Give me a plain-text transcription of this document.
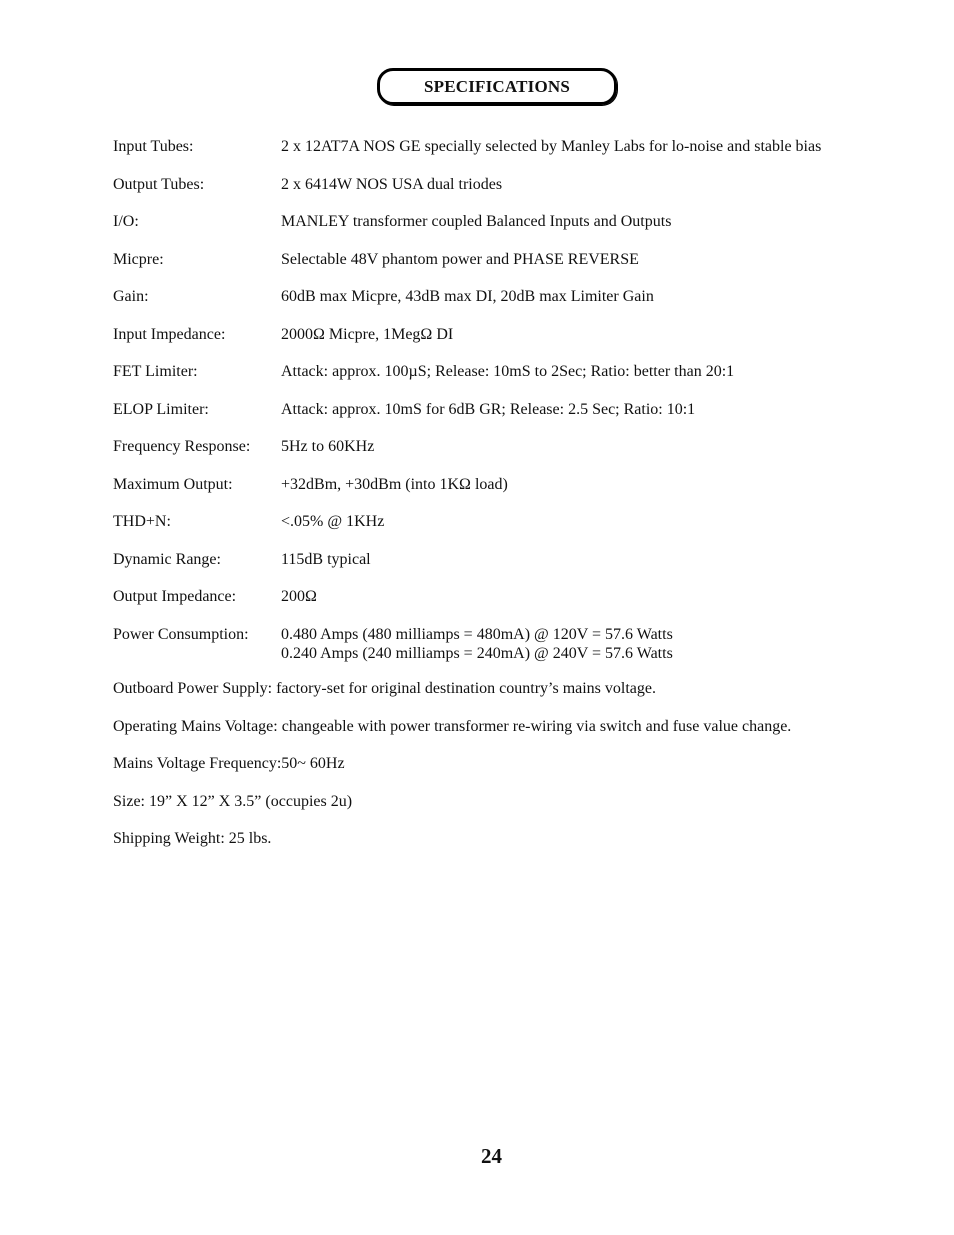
SPECIFICATIONS
Input Tubes:	2 x 12AT7A NOS GE specially selected by Manley Labs for lo-noise and stable bias
Output Tubes:	2 x 6414W NOS USA dual triodes
I/O:	MANLEY transformer coupled Balanced Inputs and Outputs
Micpre:	Selectable 48V phantom power and PHASE REVERSE
Gain:	60dB max Micpre, 43dB max DI, 20dB max Limiter Gain
Input Impedance:	2000Ω Micpre, 1MegΩ DI
FET Limiter:	Attack: approx. 100µS; Release: 10mS to 2Sec; Ratio: better than 20:1
ELOP Limiter:	Attack: approx. 10mS for 6dB GR; Release: 2.5 Sec; Ratio: 10:1
Frequency Response:	5Hz to 60KHz
Maximum Output:	+32dBm, +30dBm (into 1KΩ load)
THD+N:	<.05% @ 1KHz
Dynamic Range:	115dB typical
Output Impedance:	200Ω
Power Consumption:	0.480 Amps (480 milliamps = 480mA) @ 120V = 57.6 Watts
0.240 Amps (240 milliamps = 240mA) @ 240V = 57.6 Watts
Outboard Power Supply: factory-set for original destination country’s mains voltage.
Operating Mains Voltage: changeable with power transformer re-wiring via switch and fuse value change.
Mains Voltage Frequency:50~ 60Hz
Size: 19” X 12” X 3.5” (occupies 2u)
Shipping Weight: 25 lbs.
24
